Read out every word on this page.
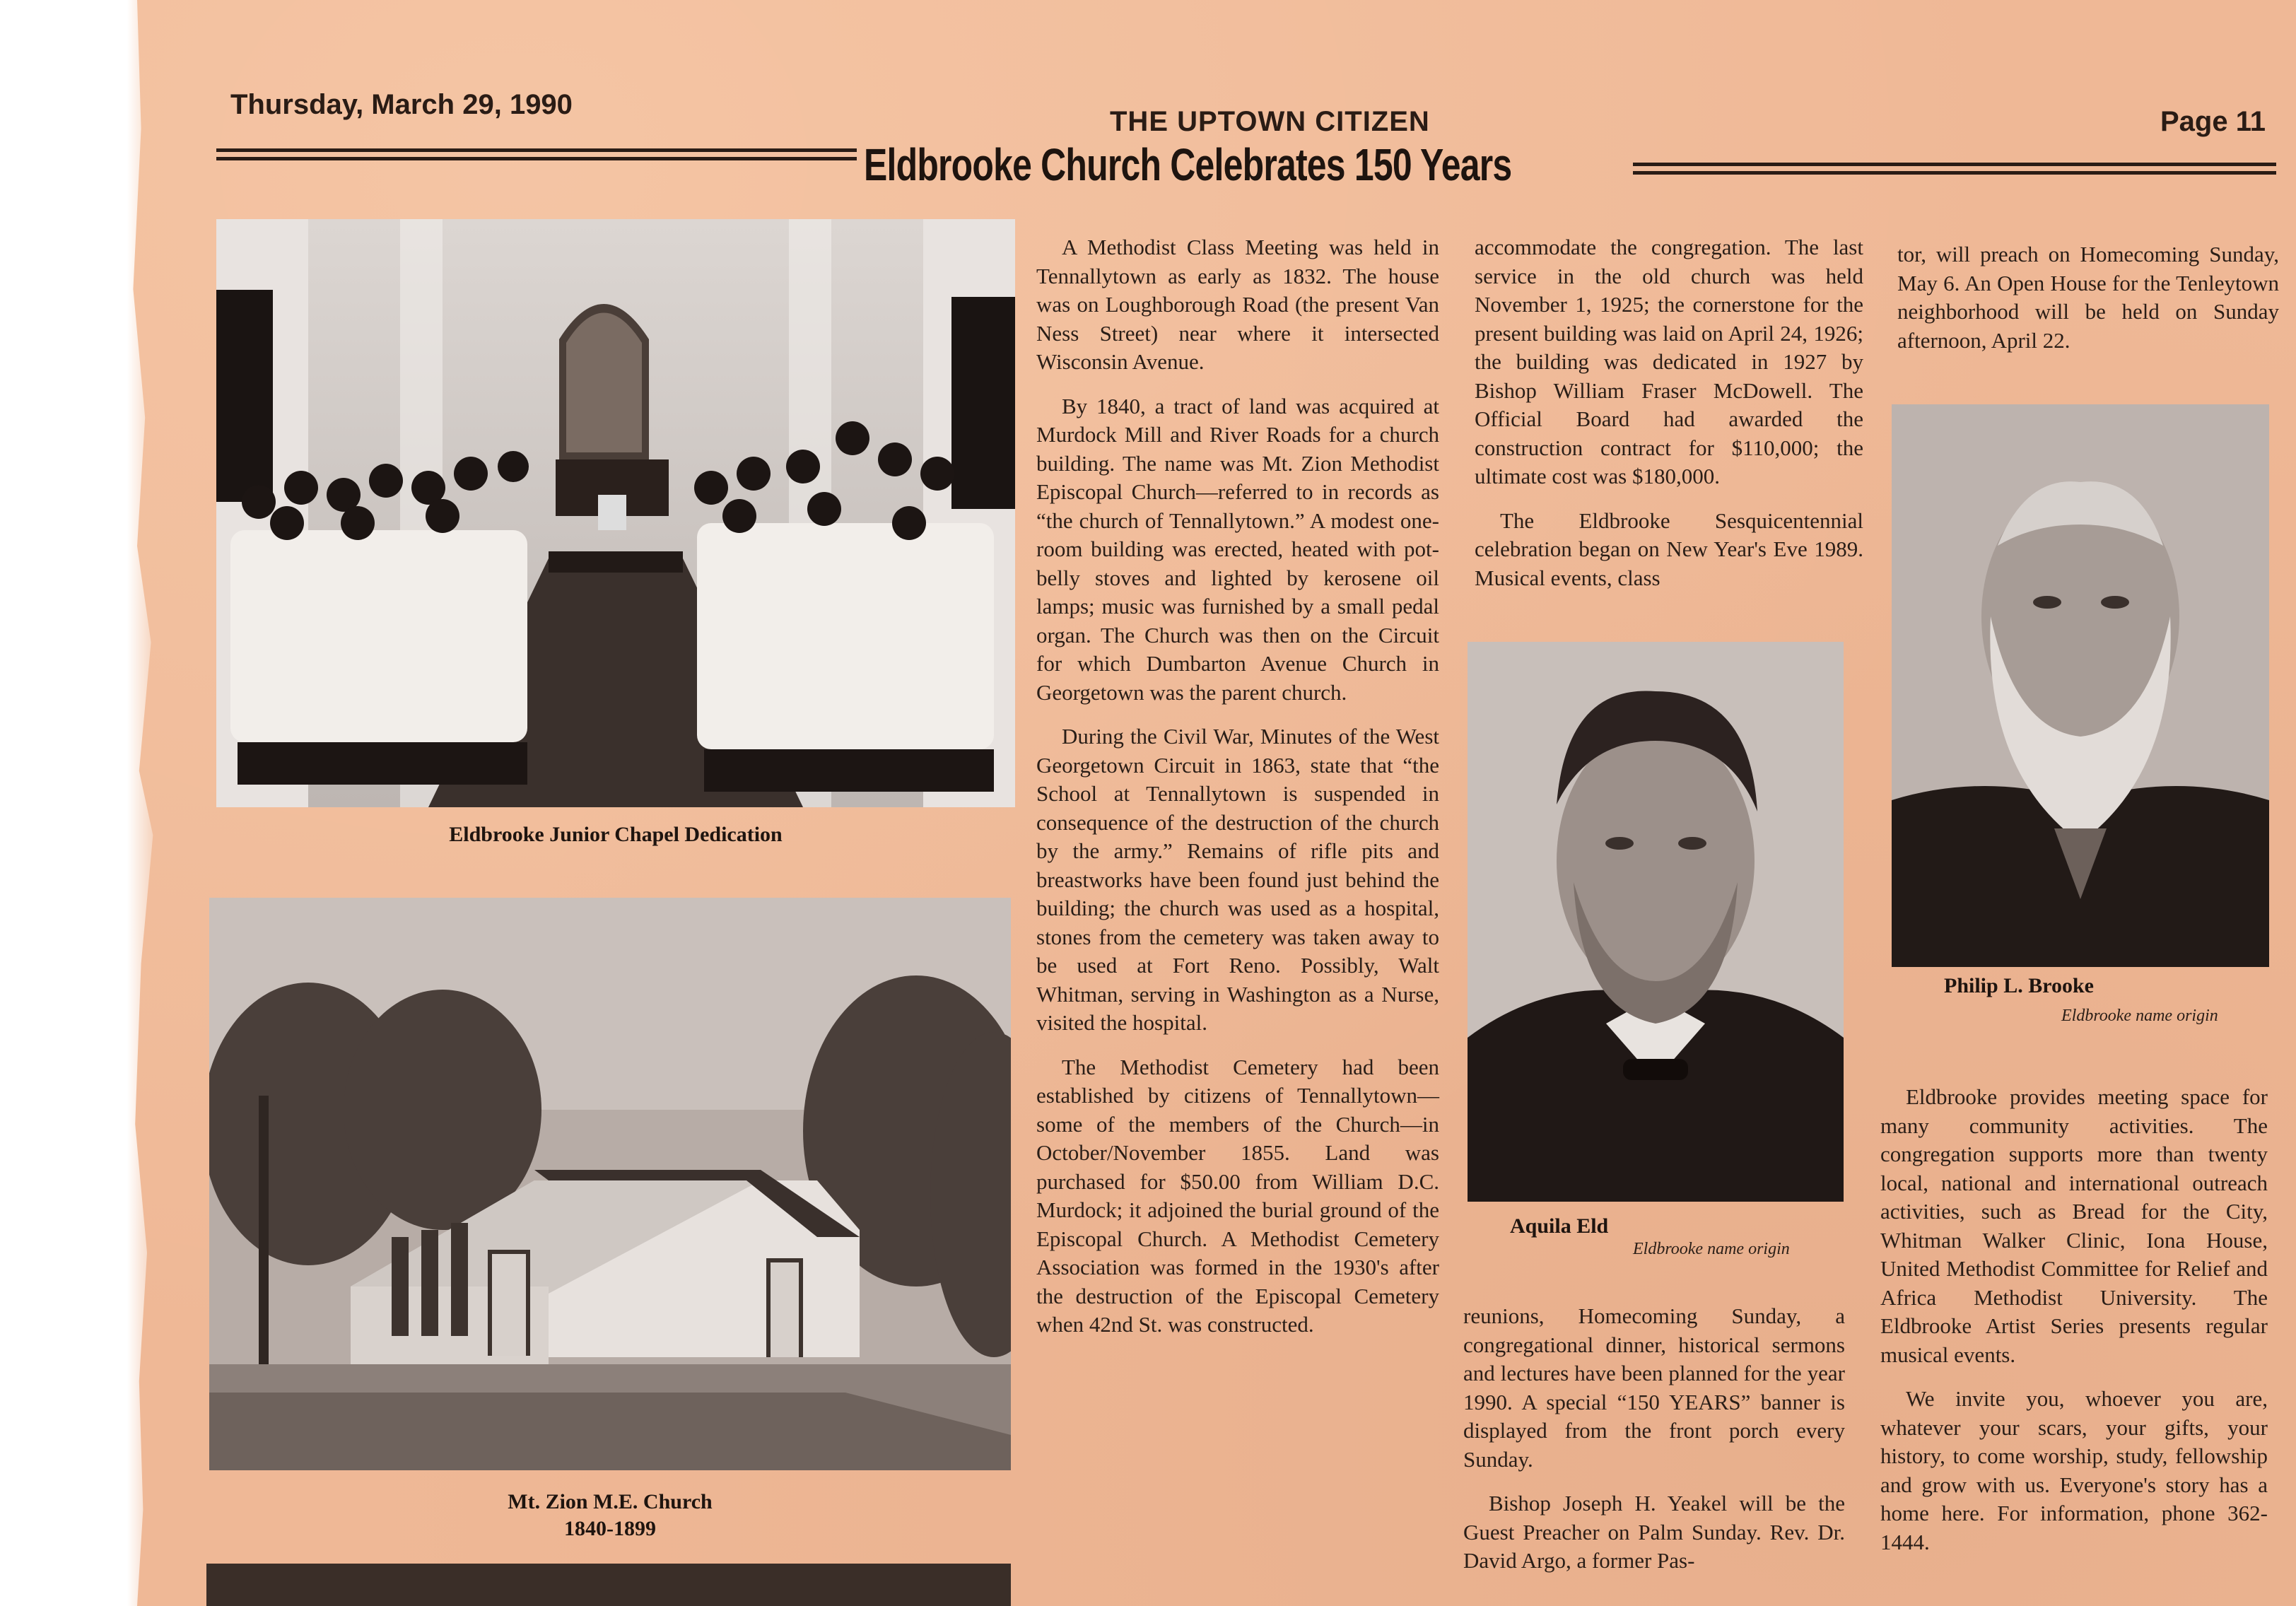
Thursday, March 29, 1990
THE UPTOWN CITIZEN	Page 11
Eldbrooke Church Celebrates 150 Years
Eldbrooke Junior Chapel Dedication
Mt. Zion M.E. Church
1840-1899

A Methodist Class Meeting was held in Tennallytown as early as 1832. The house was on Loughborough Road (the present Van Ness Street) near where it intersected Wisconsin Avenue.

By 1840, a tract of land was acquired at Murdock Mill and River Roads for a church building. The name was Mt. Zion Methodist Episcopal Church—referred to in records as “the church of Tennallytown.” A modest one-room building was erected, heated with pot-belly stoves and lighted by kerosene oil lamps; music was furnished by a small pedal organ. The Church was then on the Circuit for which Dumbarton Avenue Church in Georgetown was the parent church.

During the Civil War, Minutes of the West Georgetown Circuit in 1863, state that “the School at Tennallytown is suspended in consequence of the destruction of the church by the army.” Remains of rifle pits and breastworks have been found just behind the building; the church was used as a hospital, stones from the cemetery was taken away to be used at Fort Reno. Possibly, Walt Whitman, serving in Washington as a Nurse, visited the hospital.

The Methodist Cemetery had been established by citizens of Tennallytown—some of the members of the Church—in October/November 1855. Land was purchased for $50.00 from William D.C. Murdock; it adjoined the burial ground of the Episcopal Church. A Methodist Cemetery Association was formed in the 1930's after the destruction of the Episcopal Cemetery when 42nd St. was constructed.

accommodate the congregation. The last service in the old church was held November 1, 1925; the cornerstone for the present building was laid on April 24, 1926; the building was dedicated in 1927 by Bishop William Fraser McDowell. The Official Board had awarded the construction contract for $110,000; the ultimate cost was $180,000.

The Eldbrooke Sesquicentennial celebration began on New Year's Eve 1989. Musical events, class

Aquila Eld
Eldbrooke name origin

reunions, Homecoming Sunday, a congregational dinner, historical sermons and lectures have been planned for the year 1990. A special “150 YEARS” banner is displayed from the front porch every Sunday.

Bishop Joseph H. Yeakel will be the Guest Preacher on Palm Sunday. Rev. Dr. David Argo, a former Pas-

tor, will preach on Homecoming Sunday, May 6. An Open House for the Tenleytown neighborhood will be held on Sunday afternoon, April 22.

Philip L. Brooke
Eldbrooke name origin

Eldbrooke provides meeting space for many community activities. The congregation supports more than twenty local, national and international outreach activities, such as Bread for the City, Whitman Walker Clinic, Iona House, United Methodist Committee for Relief and Africa Methodist University. The Eldbrooke Artist Series presents regular musical events.

We invite you, whoever you are, whatever your scars, your gifts, your history, to come worship, study, fellowship and grow with us. Everyone's story has a home here. For information, phone 362-1444.
